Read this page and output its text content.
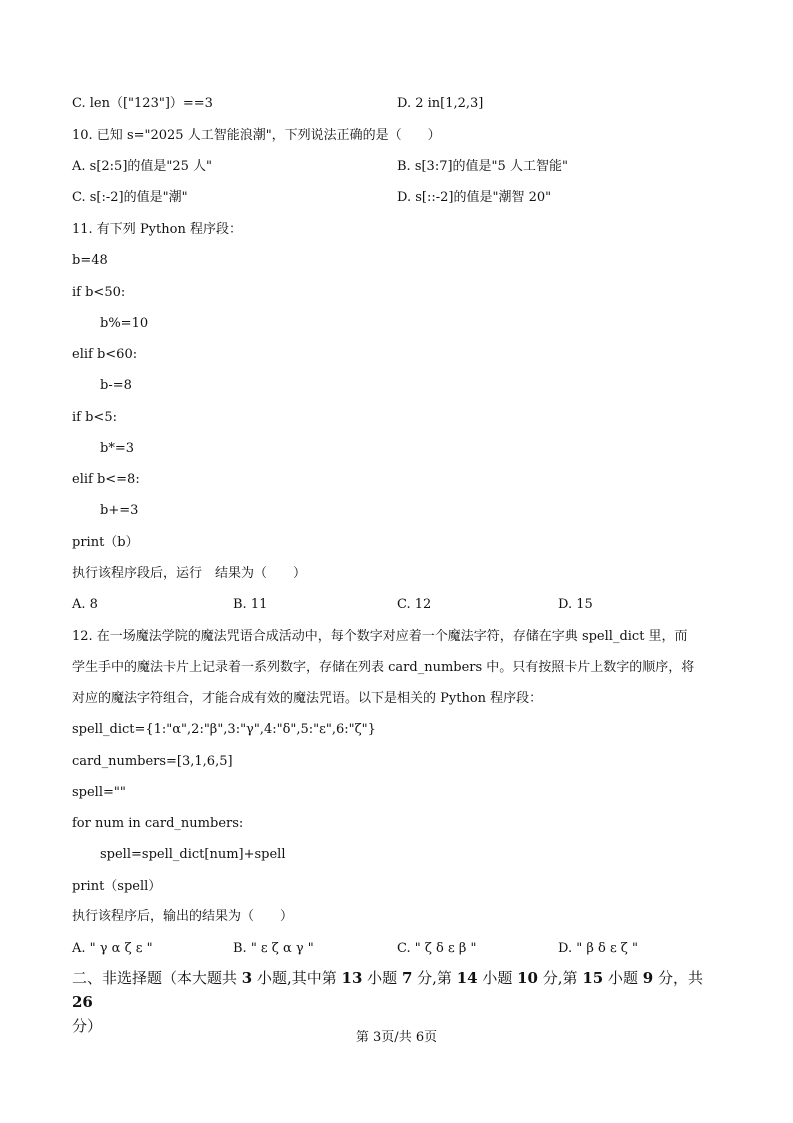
C. len（["123"]）==3	D. 2 in[1,2,3]
10. 已知 s="2025 人工智能浪潮"，下列说法正确的是（　　）
A. s[2:5]的值是"25 人"	B. s[3:7]的值是"5 人工智能"
C. s[:-2]的值是"潮"	D. s[::-2]的值是"潮智 20"
11. 有下列 Python 程序段：
b=48
if b<50:
b%=10
elif b<60:
b-=8
if b<5:
b*=3
elif b<=8:
b+=3
print（b）
执行该程序段后，运行　结果为（　　）
A. 8	B. 11	C. 12	D. 15
12. 在一场魔法学院的魔法咒语合成活动中，每个数字对应着一个魔法字符，存储在字典 spell_dict 里，而
学生手中的魔法卡片上记录着一系列数字，存储在列表 card_numbers 中。只有按照卡片上数字的顺序，将
对应的魔法字符组合，才能合成有效的魔法咒语。以下是相关的 Python 程序段：
spell_dict={1:"α",2:"β",3:"γ",4:"δ",5:"ε",6:"ζ"}
card_numbers=[3,1,6,5]
spell=""
for num in card_numbers:
spell=spell_dict[num]+spell
print（spell）
执行该程序后，输出的结果为（　　）
A. " γ α ζ ε "	B. " ε ζ α γ "	C. " ζ δ ε β "	D. " β δ ε ζ "
二、非选择题（本大题共 3 小题,其中第 13 小题 7 分,第 14 小题 10 分,第 15 小题 9 分，共 26
分）
第 3页/共 6页
